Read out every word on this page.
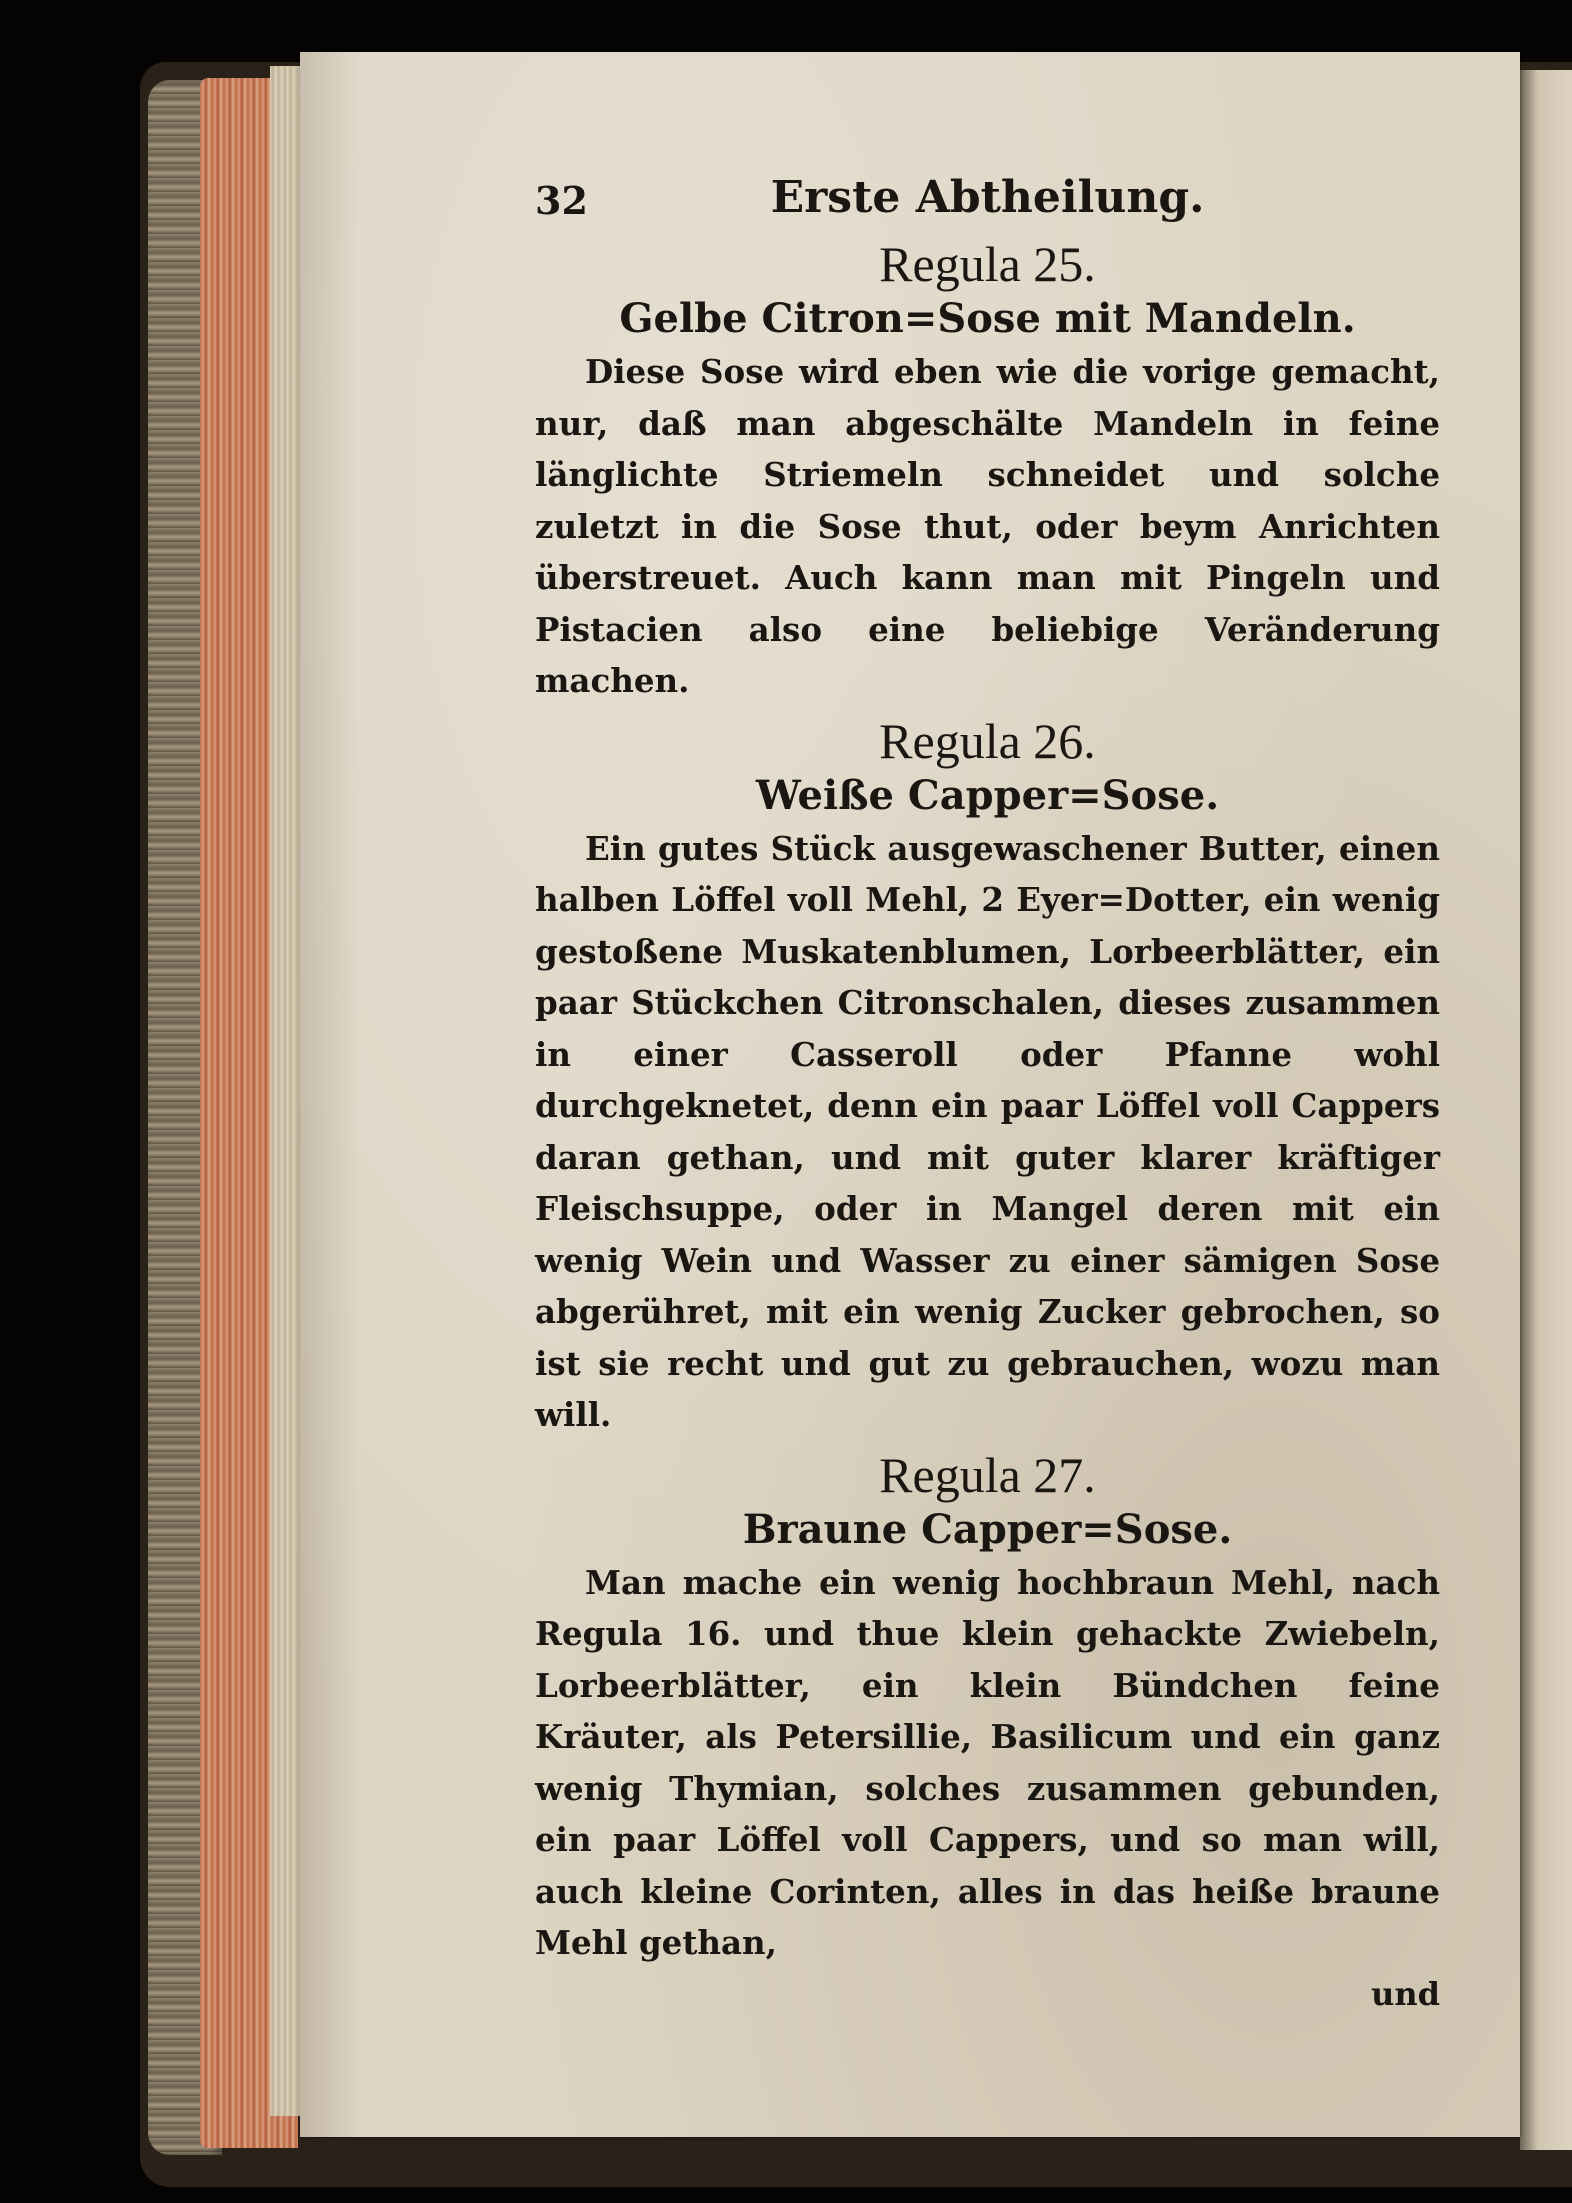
32	Erste Abtheilung.

Regula 25.

Gelbe Citron=Sose mit Mandeln.

Diese Sose wird eben wie die vorige gemacht, nur, daß man abgeschälte Mandeln in feine länglichte Striemeln schneidet und solche zuletzt in die Sose thut, oder beym Anrichten überstreuet. Auch kann man mit Pingeln und Pistacien also eine beliebige Veränderung machen.

Regula 26.

Weiße Capper=Sose.

Ein gutes Stück ausgewaschener Butter, einen halben Löffel voll Mehl, 2 Eyer=Dotter, ein wenig gestoßene Muskatenblumen, Lorbeerblätter, ein paar Stückchen Citronschalen, dieses zusammen in einer Casseroll oder Pfanne wohl durchgeknetet, denn ein paar Löffel voll Cappers daran gethan, und mit guter klarer kräftiger Fleischsuppe, oder in Mangel deren mit ein wenig Wein und Wasser zu einer sämigen Sose abgerühret, mit ein wenig Zucker gebrochen, so ist sie recht und gut zu gebrauchen, wozu man will.

Regula 27.

Braune Capper=Sose.

Man mache ein wenig hochbraun Mehl, nach Regula 16. und thue klein gehackte Zwiebeln, Lorbeerblätter, ein klein Bündchen feine Kräuter, als Petersillie, Basilicum und ein ganz wenig Thymian, solches zusammen gebunden, ein paar Löffel voll Cappers, und so man will, auch kleine Corinten, alles in das heiße braune Mehl gethan,

und
